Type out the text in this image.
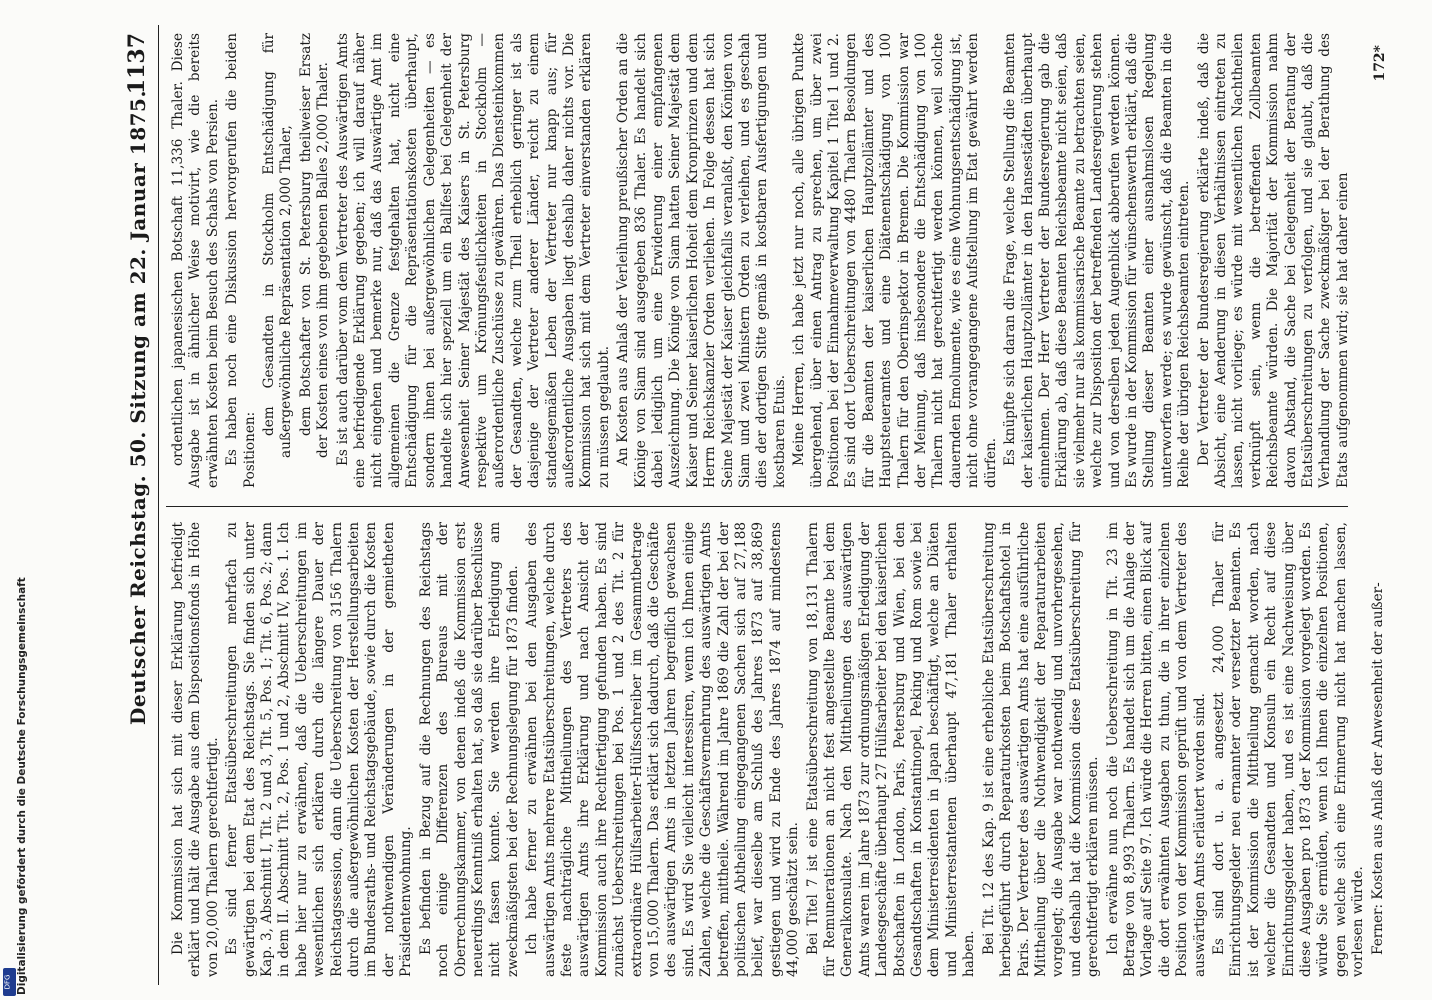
Digitalisierung gefördert durch die Deutsche Forschungsgemeinschaft
DFG
Deutscher Reichstag. 50. Sitzung am 22. Januar 1875.
1137

Die Kommission hat sich mit dieser Erklärung befriedigt erklärt und hält die Ausgabe aus dem Dispositionsfonds in Höhe von 20,000 Thalern gerechtfertigt. Es sind ferner Etatsüberschreitungen mehrfach zu gewärtigen bei dem Etat des Reichstags. Sie finden sich unter Kap. 3, Abschnitt I, Tit. 2 und 3, Tit. 5, Pos. 1; Tit. 6, Pos. 2; dann in dem II. Abschnitt Tit. 2, Pos. 1 und 2, Abschnitt IV, Pos. 1. Ich habe hier nur zu erwähnen, daß die Ueberschreitungen im wesentlichen sich erklären durch die längere Dauer der Reichstagssession, dann die Ueberschreitung von 3156 Thalern durch die außergewöhnlichen Kosten der Herstellungsarbeiten im Bundesraths- und Reichstagsgebäude, sowie durch die Kosten der nothwendigen Veränderungen in der gemietheten Präsidentenwohnung. Es befinden in Bezug auf die Rechnungen des Reichstags noch einige Differenzen des Bureaus mit der Oberrechnungskammer, von denen indeß die Kommission erst neuerdings Kenntniß erhalten hat, so daß sie darüber Beschlüsse nicht fassen konnte. Sie werden ihre Erledigung am zweckmäßigsten bei der Rechnungslegung für 1873 finden. Ich habe ferner zu erwähnen bei den Ausgaben des auswärtigen Amts mehrere Etatsüberschreitungen, welche durch feste nachträgliche Mittheilungen des Vertreters des auswärtigen Amts ihre Erklärung und nach Ansicht der Kommission auch ihre Rechtfertigung gefunden haben. Es sind zunächst Ueberschreitungen bei Pos. 1 und 2 des Tit. 2 für extraordinäre Hülfsarbeiter-Hülfsschreiber im Gesammtbetrage von 15,000 Thalern. Das erklärt sich dadurch, daß die Geschäfte des auswärtigen Amts in letzten Jahren begreiflich gewachsen sind. Es wird Sie vielleicht interessiren, wenn ich Ihnen einige Zahlen, welche die Geschäftsvermehrung des auswärtigen Amts betreffen, mittheile. Während im Jahre 1869 die Zahl der bei der politischen Abtheilung eingegangenen Sachen sich auf 27,188 belief, war dieselbe am Schluß des Jahres 1873 auf 38,869 gestiegen und wird zu Ende des Jahres 1874 auf mindestens 44,000 geschätzt sein. Bei Titel 7 ist eine Etatsüberschreitung von 18,131 Thalern für Remunerationen an nicht fest angestellte Beamte bei dem Generalkonsulate. Nach den Mittheilungen des auswärtigen Amts waren im Jahre 1873 zur ordnungsmäßigen Erledigung der Landesgeschäfte überhaupt 27 Hülfsarbeiter bei den kaiserlichen Botschaften in London, Paris, Petersburg und Wien, bei den Gesandtschaften in Konstantinopel, Peking und Rom sowie bei dem Ministerresidenten in Japan beschäftigt, welche an Diäten und Ministerrestantenen überhaupt 47,181 Thaler erhalten haben. Bei Tit. 12 des Kap. 9 ist eine erhebliche Etatsüberschreitung herbeigeführt durch Reparaturkosten beim Botschaftshotel in Paris. Der Vertreter des auswärtigen Amts hat eine ausführliche Mittheilung über die Nothwendigkeit der Reparaturarbeiten vorgelegt; die Ausgabe war nothwendig und unvorhergesehen, und deshalb hat die Kommission diese Etatsüberschreitung für gerechtfertigt erklären müssen. Ich erwähne nun noch die Ueberschreitung in Tit. 23 im Betrage von 8,993 Thalern. Es handelt sich um die Anlage der Vorlage auf Seite 97. Ich würde die Herren bitten, einen Blick auf die dort erwähnten Ausgaben zu thun, die in ihrer einzelnen Position von der Kommission geprüft und von dem Vertreter des auswärtigen Amts erläutert worden sind. Es sind dort u. a. angesetzt 24,000 Thaler für Einrichtungsgelder neu ernannter oder versetzter Beamten. Es ist der Kommission die Mittheilung gemacht worden, nach welcher die Gesandten und Konsuln ein Recht auf diese Einrichtungsgelder haben, und es ist eine Nachweisung über diese Ausgaben pro 1873 der Kommission vorgelegt worden. Es würde Sie ermüden, wenn ich Ihnen die einzelnen Positionen, gegen welche sich eine Erinnerung nicht hat machen lassen, vorlesen würde. Ferner: Kosten aus Anlaß der Anwesenheit der außer-

ordentlichen japanesischen Botschaft 11,336 Thaler. Diese Ausgabe ist in ähnlicher Weise motivirt, wie die bereits erwähnten Kosten beim Besuch des Schahs von Persien. Es haben noch eine Diskussion hervorgerufen die beiden Positionen:

dem Gesandten in Stockholm Entschädigung für außergewöhnliche Repräsentation 2,000 Thaler, dem Botschafter von St. Petersburg theilweiser Ersatz der Kosten eines von ihm gegebenen Balles 2,000 Thaler. Es ist auch darüber vom dem Vertreter des Auswärtigen Amts eine befriedigende Erklärung gegeben; ich will darauf näher nicht eingehen und bemerke nur, daß das Auswärtige Amt im allgemeinen die Grenze festgehalten hat, nicht eine Entschädigung für die Repräsentationskosten überhaupt, sondern ihnen bei außergewöhnlichen Gelegenheiten — es handelte sich hier speziell um ein Ballfest bei Gelegenheit der Anwesenheit Seiner Majestät des Kaisers in St. Petersburg respektive um Krönungsfestlichkeiten in Stockholm — außerordentliche Zuschüsse zu gewähren. Das Diensteinkommen der Gesandten, welche zum Theil erheblich geringer ist als dasjenige der Vertreter anderer Länder, reicht zu einem standesgemäßen Leben der Vertreter nur knapp aus; für außerordentliche Ausgaben liegt deshalb daher nichts vor. Die Kommission hat sich mit dem Vertreter einverstanden erklären zu müssen geglaubt. An Kosten aus Anlaß der Verleihung preußischer Orden an die Könige von Siam sind ausgegeben 836 Thaler. Es handelt sich dabei lediglich um eine Erwiderung einer empfangenen Auszeichnung. Die Könige von Siam hatten Seiner Majestät dem Kaiser und Seiner kaiserlichen Hoheit dem Kronprinzen und dem Herrn Reichskanzler Orden verliehen. In Folge dessen hat sich Seine Majestät der Kaiser gleichfalls veranlaßt, den Königen von Siam und zwei Ministern Orden zu verleihen, und es geschah dies der dortigen Sitte gemäß in kostbaren Ausfertigungen und kostbaren Etuis. Meine Herren, ich habe jetzt nur noch, alle übrigen Punkte übergehend, über einen Antrag zu sprechen, um über zwei Positionen bei der Einnahmeverwaltung Kapitel 1 Titel 1 und 2. Es sind dort Ueberschreitungen von 4480 Thalern Besoldungen für die Beamten der kaiserlichen Hauptzollämter und des Hauptsteueramtes und eine Diätenentschädigung von 100 Thalern für den Oberinspektor in Bremen. Die Kommission war der Meinung, daß insbesondere die Entschädigung von 100 Thalern nicht hat gerechtfertigt werden können, weil solche dauernden Emolumente, wie es eine Wohnungsentschädigung ist, nicht ohne vorangegangene Aufstellung im Etat gewährt werden dürfen. Es knüpfte sich daran die Frage, welche Stellung die Beamten der kaiserlichen Hauptzollämter in den Hansestädten überhaupt einnehmen. Der Herr Vertreter der Bundesregierung gab die Erklärung ab, daß diese Beamten Reichsbeamte nicht seien, daß sie vielmehr nur als kommissarische Beamte zu betrachten seien, welche zur Disposition der betreffenden Landesregierung stehen und von derselben jeden Augenblick abberufen werden können. Es wurde in der Kommission für wünschenswerth erklärt, daß die Stellung dieser Beamten einer ausnahmslosen Regelung unterworfen werde; es wurde gewünscht, daß die Beamten in die Reihe der übrigen Reichsbeamten eintreten. Der Vertreter der Bundesregierung erklärte indeß, daß die Absicht, eine Aenderung in diesen Verhältnissen eintreten zu lassen, nicht vorliege; es würde mit wesentlichen Nachtheilen verknüpft sein, wenn die betreffenden Zollbeamten Reichsbeamte würden. Die Majorität der Kommission nahm davon Abstand, die Sache bei Gelegenheit der Beratung der Etatsüberschreitungen zu verfolgen, und sie glaubt, daß die Verhandlung der Sache zweckmäßiger bei der Berathung des Etats aufgenommen wird; sie hat daher einen

172*
